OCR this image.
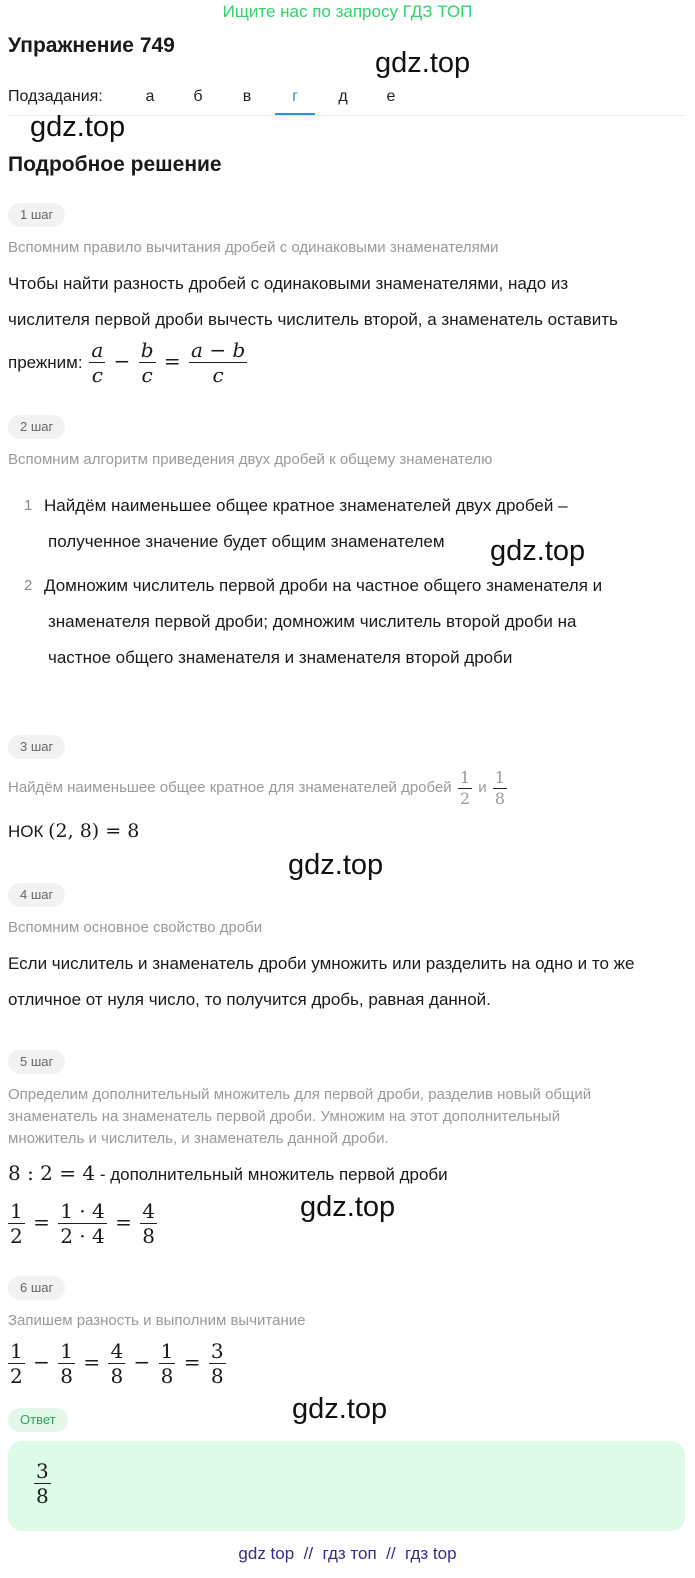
Ищите нас по запросу ГДЗ ТОП
Упражнение 749
gdz.top
Подзадания:	а	б	в	г	д	е
gdz.top
Подробное решение
1 шаг
Вспомним правило вычитания дробей с одинаковыми знаменателями
Чтобы найти разность дробей с одинаковыми знаменателями, надо из
числителя первой дроби вычесть числитель второй, а знаменатель оставить
прежним: $\frac{a}{c} - \frac{b}{c} = \frac{a - b}{c}$
2 шаг
Вспомним алгоритм приведения двух дробей к общему знаменателю
1 Найдём наименьшее общее кратное знаменателей двух дробей –
полученное значение будет общим знаменателем gdz.top
2 Домножим числитель первой дроби на частное общего знаменателя и
знаменателя первой дроби; домножим числитель второй дроби на
частное общего знаменателя и знаменателя второй дроби
3 шаг
Найдём наименьшее общее кратное для знаменателей дробей $\frac{1}{2}$ и $\frac{1}{8}$
НОК (2, 8) = 8
gdz.top
4 шаг
Вспомним основное свойство дроби
Если числитель и знаменатель дроби умножить или разделить на одно и то же
отличное от нуля число, то получится дробь, равная данной.
5 шаг
Определим дополнительный множитель для первой дроби, разделив новый общий
знаменатель на знаменатель первой дроби. Умножим на этот дополнительный
множитель и числитель, и знаменатель данной дроби.
8 : 2 = 4 - дополнительный множитель первой дроби
$\frac{1}{2} = \frac{1 \cdot 4}{2 \cdot 4} = \frac{4}{8}$	gdz.top
6 шаг
Запишем разность и выполним вычитание
$\frac{1}{2} - \frac{1}{8} = \frac{4}{8} - \frac{1}{8} = \frac{3}{8}$
gdz.top
Ответ
$\frac{3}{8}$
gdz top // гдз топ // гдз top
